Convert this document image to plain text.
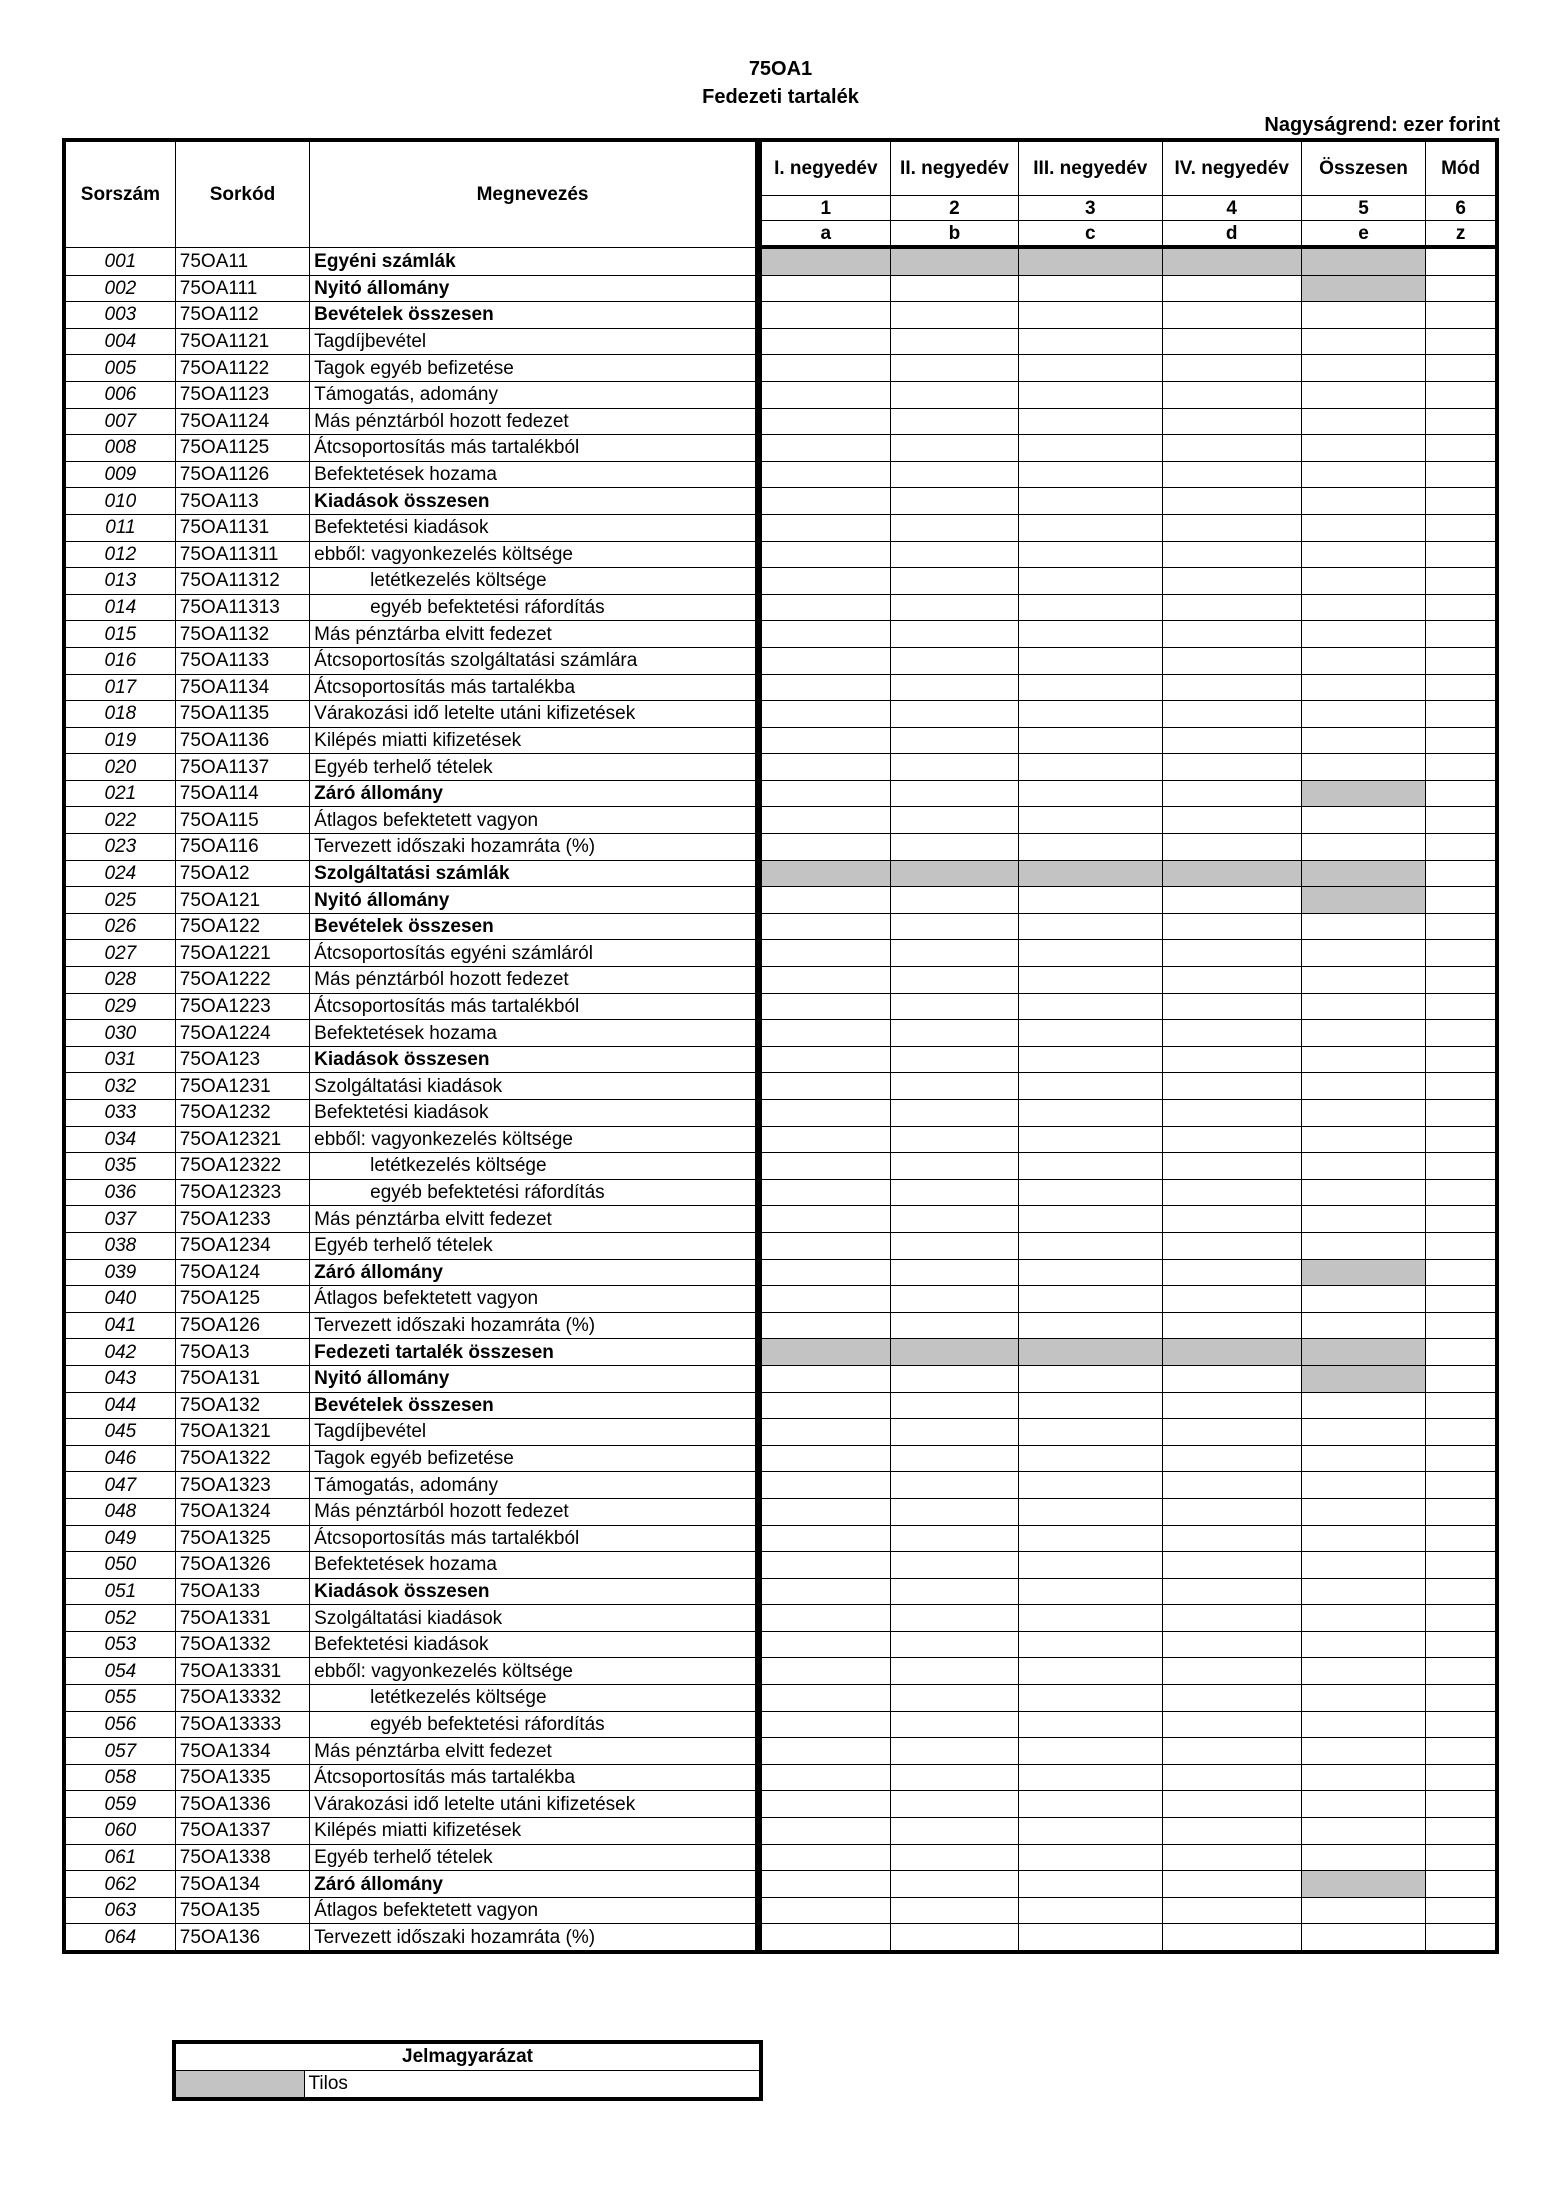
75OA1
Fedezeti tartalék
Nagyságrend: ezer forint
Sorszám	Sorkód	Megnevezés		I. negyedév	II. negyedév	III. negyedév	IV. negyedév	Összesen	Mód
				1	2	3	4	5	6
				a	b	c	d	e	z
001	75OA11	Egyéni számlák							
002	75OA111	Nyitó állomány							
003	75OA112	Bevételek összesen							
004	75OA1121	Tagdíjbevétel							
005	75OA1122	Tagok egyéb befizetése							
006	75OA1123	Támogatás, adomány							
007	75OA1124	Más pénztárból hozott fedezet							
008	75OA1125	Átcsoportosítás más tartalékból							
009	75OA1126	Befektetések hozama							
010	75OA113	Kiadások összesen							
011	75OA1131	Befektetési kiadások							
012	75OA11311	ebből: vagyonkezelés költsége							
013	75OA11312	letétkezelés költsége							
014	75OA11313	egyéb befektetési ráfordítás							
015	75OA1132	Más pénztárba elvitt fedezet							
016	75OA1133	Átcsoportosítás szolgáltatási számlára							
017	75OA1134	Átcsoportosítás más tartalékba							
018	75OA1135	Várakozási idő letelte utáni kifizetések							
019	75OA1136	Kilépés miatti kifizetések							
020	75OA1137	Egyéb terhelő tételek							
021	75OA114	Záró állomány							
022	75OA115	Átlagos befektetett vagyon							
023	75OA116	Tervezett időszaki hozamráta (%)							
024	75OA12	Szolgáltatási számlák							
025	75OA121	Nyitó állomány							
026	75OA122	Bevételek összesen							
027	75OA1221	Átcsoportosítás egyéni számláról							
028	75OA1222	Más pénztárból hozott fedezet							
029	75OA1223	Átcsoportosítás más tartalékból							
030	75OA1224	Befektetések hozama							
031	75OA123	Kiadások összesen							
032	75OA1231	Szolgáltatási kiadások							
033	75OA1232	Befektetési kiadások							
034	75OA12321	ebből: vagyonkezelés költsége							
035	75OA12322	letétkezelés költsége							
036	75OA12323	egyéb befektetési ráfordítás							
037	75OA1233	Más pénztárba elvitt fedezet							
038	75OA1234	Egyéb terhelő tételek							
039	75OA124	Záró állomány							
040	75OA125	Átlagos befektetett vagyon							
041	75OA126	Tervezett időszaki hozamráta (%)							
042	75OA13	Fedezeti tartalék összesen							
043	75OA131	Nyitó állomány							
044	75OA132	Bevételek összesen							
045	75OA1321	Tagdíjbevétel							
046	75OA1322	Tagok egyéb befizetése							
047	75OA1323	Támogatás, adomány							
048	75OA1324	Más pénztárból hozott fedezet							
049	75OA1325	Átcsoportosítás más tartalékból							
050	75OA1326	Befektetések hozama							
051	75OA133	Kiadások összesen							
052	75OA1331	Szolgáltatási kiadások							
053	75OA1332	Befektetési kiadások							
054	75OA13331	ebből: vagyonkezelés költsége							
055	75OA13332	letétkezelés költsége							
056	75OA13333	egyéb befektetési ráfordítás							
057	75OA1334	Más pénztárba elvitt fedezet							
058	75OA1335	Átcsoportosítás más tartalékba							
059	75OA1336	Várakozási idő letelte utáni kifizetések							
060	75OA1337	Kilépés miatti kifizetések							
061	75OA1338	Egyéb terhelő tételek							
062	75OA134	Záró állomány							
063	75OA135	Átlagos befektetett vagyon							
064	75OA136	Tervezett időszaki hozamráta (%)							
Jelmagyarázat
	Tilos
